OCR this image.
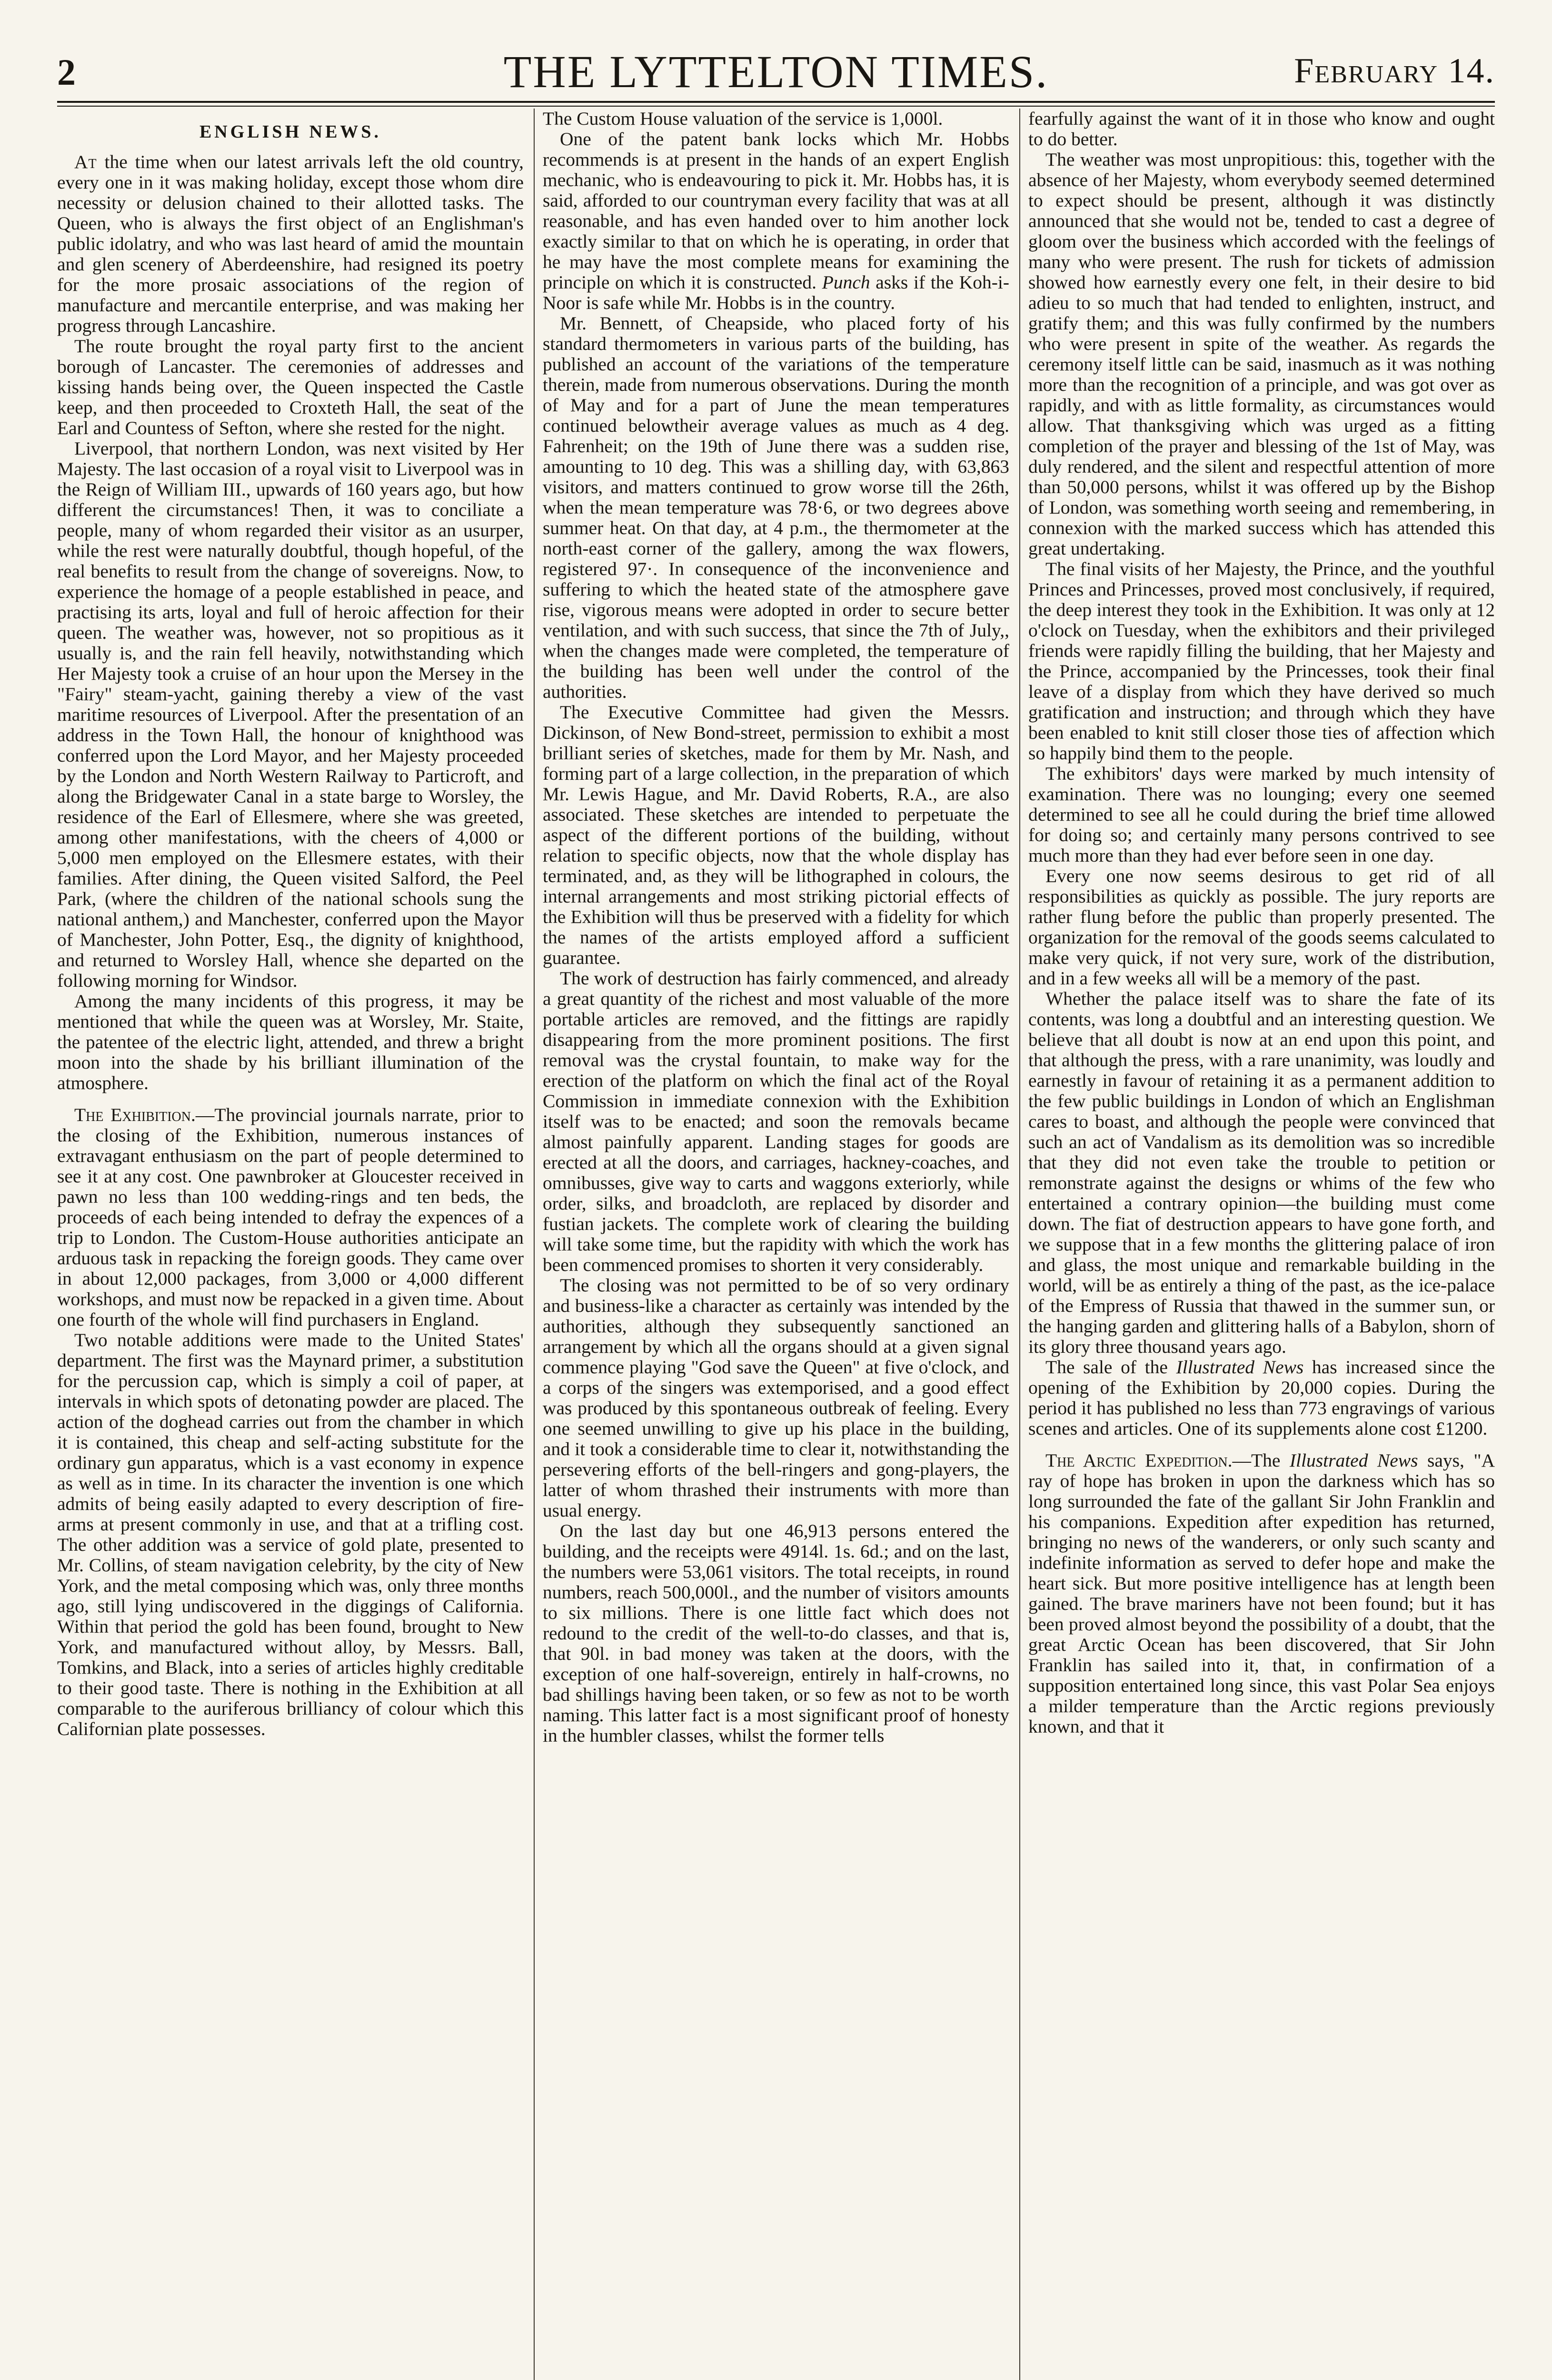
2	THE LYTTELTON TIMES.	February 14.
ENGLISH NEWS.

At the time when our latest arrivals left the old country, every one in it was making holiday, except those whom dire necessity or delusion chained to their allotted tasks. The Queen, who is always the first object of an Englishman's public idolatry, and who was last heard of amid the mountain and glen scenery of Aberdeenshire, had resigned its poetry for the more prosaic associations of the region of manufacture and mercantile enterprise, and was making her progress through Lancashire.

The route brought the royal party first to the ancient borough of Lancaster. The ceremonies of addresses and kissing hands being over, the Queen inspected the Castle keep, and then proceeded to Croxteth Hall, the seat of the Earl and Countess of Sefton, where she rested for the night.

Liverpool, that northern London, was next visited by Her Majesty. The last occasion of a royal visit to Liverpool was in the Reign of William III., upwards of 160 years ago, but how different the circumstances! Then, it was to conciliate a people, many of whom regarded their visitor as an usurper, while the rest were naturally doubtful, though hopeful, of the real benefits to result from the change of sovereigns. Now, to experience the homage of a people established in peace, and practising its arts, loyal and full of heroic affection for their queen. The weather was, however, not so propitious as it usually is, and the rain fell heavily, notwithstanding which Her Majesty took a cruise of an hour upon the Mersey in the "Fairy" steam-yacht, gaining thereby a view of the vast maritime resources of Liverpool. After the presentation of an address in the Town Hall, the honour of knighthood was conferred upon the Lord Mayor, and her Majesty proceeded by the London and North Western Railway to Particroft, and along the Bridgewater Canal in a state barge to Worsley, the residence of the Earl of Ellesmere, where she was greeted, among other manifestations, with the cheers of 4,000 or 5,000 men employed on the Ellesmere estates, with their families. After dining, the Queen visited Salford, the Peel Park, (where the children of the national schools sung the national anthem,) and Manchester, conferred upon the Mayor of Manchester, John Potter, Esq., the dignity of knighthood, and returned to Worsley Hall, whence she departed on the following morning for Windsor.

Among the many incidents of this progress, it may be mentioned that while the queen was at Worsley, Mr. Staite, the patentee of the electric light, attended, and threw a bright moon into the shade by his brilliant illumination of the atmosphere.

The Exhibition.—The provincial journals narrate, prior to the closing of the Exhibition, numerous instances of extravagant enthusiasm on the part of people determined to see it at any cost. One pawnbroker at Gloucester received in pawn no less than 100 wedding-rings and ten beds, the proceeds of each being intended to defray the expences of a trip to London. The Custom-House authorities anticipate an arduous task in repacking the foreign goods. They came over in about 12,000 packages, from 3,000 or 4,000 different workshops, and must now be repacked in a given time. About one fourth of the whole will find purchasers in England.

Two notable additions were made to the United States' department. The first was the Maynard primer, a substitution for the percussion cap, which is simply a coil of paper, at intervals in which spots of detonating powder are placed. The action of the doghead carries out from the chamber in which it is contained, this cheap and self-acting substitute for the ordinary gun apparatus, which is a vast economy in expence as well as in time. In its character the invention is one which admits of being easily adapted to every description of fire-arms at present commonly in use, and that at a trifling cost. The other addition was a service of gold plate, presented to Mr. Collins, of steam navigation celebrity, by the city of New York, and the metal composing which was, only three months ago, still lying undiscovered in the diggings of California. Within that period the gold has been found, brought to New York, and manufactured without alloy, by Messrs. Ball, Tomkins, and Black, into a series of articles highly creditable to their good taste. There is nothing in the Exhibition at all comparable to the auriferous brilliancy of colour which this Californian plate possesses.

The Custom House valuation of the service is 1,000l.

One of the patent bank locks which Mr. Hobbs recommends is at present in the hands of an expert English mechanic, who is endeavouring to pick it. Mr. Hobbs has, it is said, afforded to our countryman every facility that was at all reasonable, and has even handed over to him another lock exactly similar to that on which he is operating, in order that he may have the most complete means for examining the principle on which it is constructed. Punch asks if the Koh-i-Noor is safe while Mr. Hobbs is in the country.

Mr. Bennett, of Cheapside, who placed forty of his standard thermometers in various parts of the building, has published an account of the variations of the temperature therein, made from numerous observations. During the month of May and for a part of June the mean temperatures continued belowtheir average values as much as 4 deg. Fahrenheit; on the 19th of June there was a sudden rise, amounting to 10 deg. This was a shilling day, with 63,863 visitors, and matters continued to grow worse till the 26th, when the mean temperature was 78·6, or two degrees above summer heat. On that day, at 4 p.m., the thermometer at the north-east corner of the gallery, among the wax flowers, registered 97·. In consequence of the inconvenience and suffering to which the heated state of the atmosphere gave rise, vigorous means were adopted in order to secure better ventilation, and with such success, that since the 7th of July,, when the changes made were completed, the temperature of the building has been well under the control of the authorities.

The Executive Committee had given the Messrs. Dickinson, of New Bond-street, permission to exhibit a most brilliant series of sketches, made for them by Mr. Nash, and forming part of a large collection, in the preparation of which Mr. Lewis Hague, and Mr. David Roberts, R.A., are also associated. These sketches are intended to perpetuate the aspect of the different portions of the building, without relation to specific objects, now that the whole display has terminated, and, as they will be lithographed in colours, the internal arrangements and most striking pictorial effects of the Exhibition will thus be preserved with a fidelity for which the names of the artists employed afford a sufficient guarantee.

The work of destruction has fairly commenced, and already a great quantity of the richest and most valuable of the more portable articles are removed, and the fittings are rapidly disappearing from the more prominent positions. The first removal was the crystal fountain, to make way for the erection of the platform on which the final act of the Royal Commission in immediate connexion with the Exhibition itself was to be enacted; and soon the removals became almost painfully apparent. Landing stages for goods are erected at all the doors, and carriages, hackney-coaches, and omnibusses, give way to carts and waggons exteriorly, while order, silks, and broadcloth, are replaced by disorder and fustian jackets. The complete work of clearing the building will take some time, but the rapidity with which the work has been commenced promises to shorten it very considerably.

The closing was not permitted to be of so very ordinary and business-like a character as certainly was intended by the authorities, although they subsequently sanctioned an arrangement by which all the organs should at a given signal commence playing "God save the Queen" at five o'clock, and a corps of the singers was extemporised, and a good effect was produced by this spontaneous outbreak of feeling. Every one seemed unwilling to give up his place in the building, and it took a considerable time to clear it, notwithstanding the persevering efforts of the bell-ringers and gong-players, the latter of whom thrashed their instruments with more than usual energy.

On the last day but one 46,913 persons entered the building, and the receipts were 4914l. 1s. 6d.; and on the last, the numbers were 53,061 visitors. The total receipts, in round numbers, reach 500,000l., and the number of visitors amounts to six millions. There is one little fact which does not redound to the credit of the well-to-do classes, and that is, that 90l. in bad money was taken at the doors, with the exception of one half-sovereign, entirely in half-crowns, no bad shillings having been taken, or so few as not to be worth naming. This latter fact is a most significant proof of honesty in the humbler classes, whilst the former tells

fearfully against the want of it in those who know and ought to do better.

The weather was most unpropitious: this, together with the absence of her Majesty, whom everybody seemed determined to expect should be present, although it was distinctly announced that she would not be, tended to cast a degree of gloom over the business which accorded with the feelings of many who were present. The rush for tickets of admission showed how earnestly every one felt, in their desire to bid adieu to so much that had tended to enlighten, instruct, and gratify them; and this was fully confirmed by the numbers who were present in spite of the weather. As regards the ceremony itself little can be said, inasmuch as it was nothing more than the recognition of a principle, and was got over as rapidly, and with as little formality, as circumstances would allow. That thanksgiving which was urged as a fitting completion of the prayer and blessing of the 1st of May, was duly rendered, and the silent and respectful attention of more than 50,000 persons, whilst it was offered up by the Bishop of London, was something worth seeing and remembering, in connexion with the marked success which has attended this great undertaking.

The final visits of her Majesty, the Prince, and the youthful Princes and Princesses, proved most conclusively, if required, the deep interest they took in the Exhibition. It was only at 12 o'clock on Tuesday, when the exhibitors and their privileged friends were rapidly filling the building, that her Majesty and the Prince, accompanied by the Princesses, took their final leave of a display from which they have derived so much gratification and instruction; and through which they have been enabled to knit still closer those ties of affection which so happily bind them to the people.

The exhibitors' days were marked by much intensity of examination. There was no lounging; every one seemed determined to see all he could during the brief time allowed for doing so; and certainly many persons contrived to see much more than they had ever before seen in one day.

Every one now seems desirous to get rid of all responsibilities as quickly as possible. The jury reports are rather flung before the public than properly presented. The organization for the removal of the goods seems calculated to make very quick, if not very sure, work of the distribution, and in a few weeks all will be a memory of the past.

Whether the palace itself was to share the fate of its contents, was long a doubtful and an interesting question. We believe that all doubt is now at an end upon this point, and that although the press, with a rare unanimity, was loudly and earnestly in favour of retaining it as a permanent addition to the few public buildings in London of which an Englishman cares to boast, and although the people were convinced that such an act of Vandalism as its demolition was so incredible that they did not even take the trouble to petition or remonstrate against the designs or whims of the few who entertained a contrary opinion—the building must come down. The fiat of destruction appears to have gone forth, and we suppose that in a few months the glittering palace of iron and glass, the most unique and remarkable building in the world, will be as entirely a thing of the past, as the ice-palace of the Empress of Russia that thawed in the summer sun, or the hanging garden and glittering halls of a Babylon, shorn of its glory three thousand years ago.

The sale of the Illustrated News has increased since the opening of the Exhibition by 20,000 copies. During the period it has published no less than 773 engravings of various scenes and articles. One of its supplements alone cost £1200.

The Arctic Expedition.—The Illustrated News says, "A ray of hope has broken in upon the darkness which has so long surrounded the fate of the gallant Sir John Franklin and his companions. Expedition after expedition has returned, bringing no news of the wanderers, or only such scanty and indefinite information as served to defer hope and make the heart sick. But more positive intelligence has at length been gained. The brave mariners have not been found; but it has been proved almost beyond the possibility of a doubt, that the great Arctic Ocean has been discovered, that Sir John Franklin has sailed into it, that, in confirmation of a supposition entertained long since, this vast Polar Sea enjoys a milder temperature than the Arctic regions previously known, and that it
